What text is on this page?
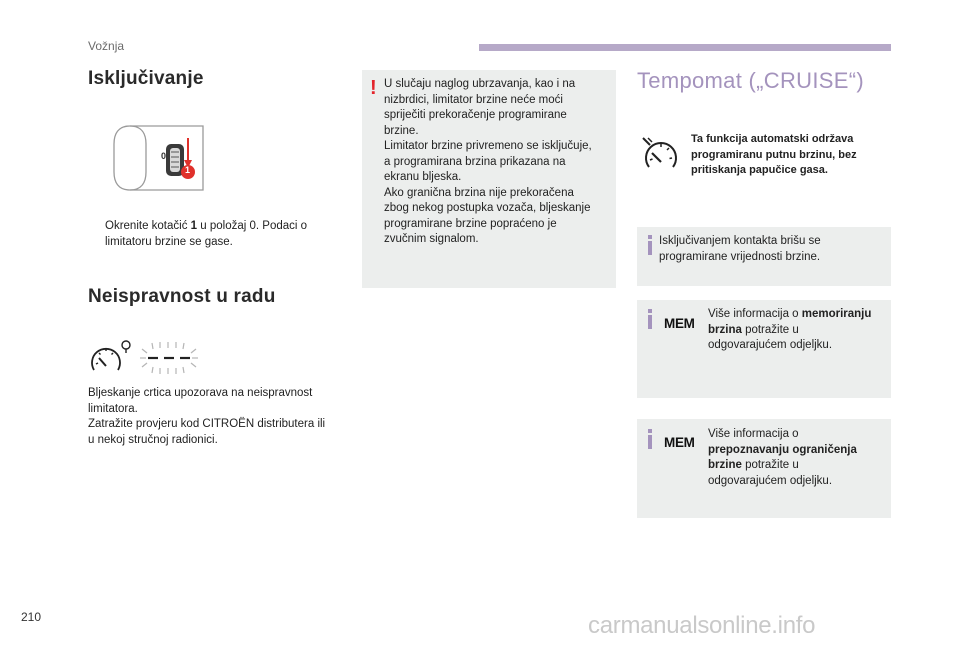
Vožnja
Isključivanje
0
1
Okrenite kotačić 1 u položaj 0. Podaci o
limitatoru brzine se gase.
Neispravnost u radu
Bljeskanje crtica upozorava na neispravnost
limitatora.
Zatražite provjeru kod CITROËN distributera ili
u nekoj stručnoj radionici.
! U slučaju naglog ubrzavanja, kao i na
nizbrdici, limitator brzine neće moći
spriječiti prekoračenje programirane
brzine.
Limitator brzine privremeno se isključuje,
a programirana brzina prikazana na
ekranu bljeska.
Ako granična brzina nije prekoračena
zbog nekog postupka vozača, bljeskanje
programirane brzine popraćeno je
zvučnim signalom.
Tempomat („CRUISE“)
Ta funkcija automatski održava
programiranu putnu brzinu, bez
pritiskanja papučice gasa.
Isključivanjem kontakta brišu se
programirane vrijednosti brzine.
MEM
Više informacija o memoriranju
brzina potražite u
odgovarajućem odjeljku.
MEM
Više informacija o
prepoznavanju ograničenja
brzine potražite u
odgovarajućem odjeljku.
210	carmanualsonline.info
